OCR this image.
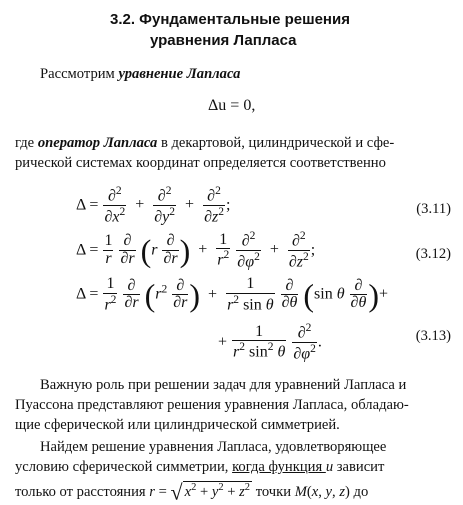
3.2. Фундаментальные решения
уравнения Лапласа
Рассмотрим уравнение Лапласа
Δu = 0,
где оператор Лапласа в декартовой, цилиндрической и сфе-
рической системах координат определяется соответственно
$\Delta = \frac{\partial^2}{\partial x^2} + \frac{\partial^2}{\partial y^2} + \frac{\partial^2}{\partial z^2}$ ;	(3.11)
$\Delta = \frac{1}{r}$
∂
∂r (r
∂
∂r ) + $\frac{1}{r^2}$
$\frac{\partial^2}{\partial\varphi^2} + \frac{\partial^2}{\partial z^2}$ ;	(3.12)
$\Delta = \frac{1}{r^2}$
∂
∂r ($r^2$ ∂
∂r ) + $\frac{1}{r^2 \sin \theta}$
∂
∂θ (sin θ
∂
∂θ )+
+ $\frac{1}{r^2 \sin^2 \theta}$
$\frac{\partial^2}{\partial\varphi^2}$ .	(3.13)
Важную роль при решении задач для уравнений Лапласа и
Пуассона представляют решения уравнения Лапласа, обладаю-
щие сферической или цилиндрической симметрией.
Найдем решение уравнения Лапласа, удовлетворяющее
условию сферической симметрии, когда функция u зависит
только от расстояния r = √ $x^2 + y^2 + z^2$ точки M(x, y, z) до
